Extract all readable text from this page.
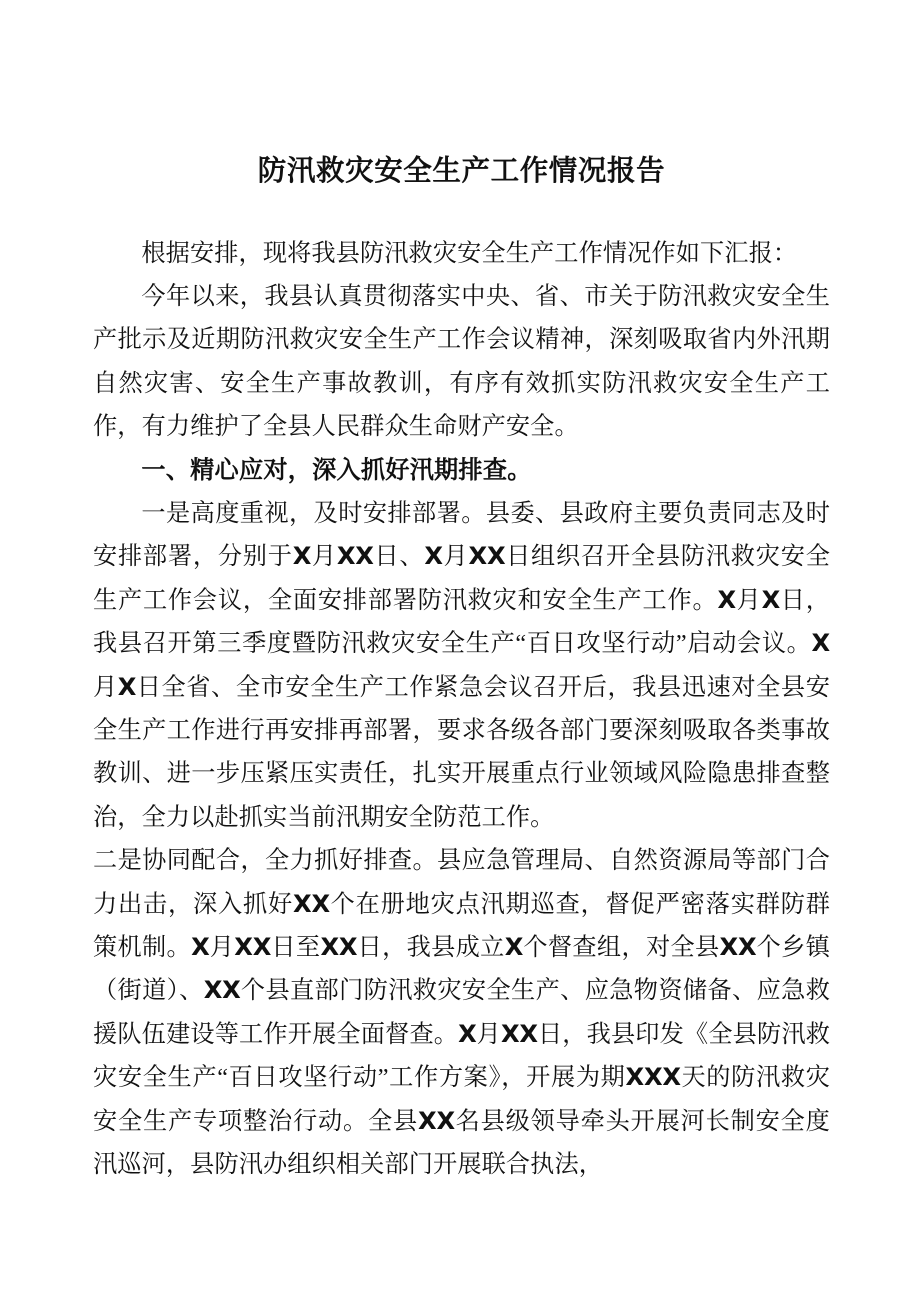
防汛救灾安全生产工作情况报告

根据安排，现将我县防汛救灾安全生产工作情况作如下汇报：

今年以来，我县认真贯彻落实中央、省、市关于防汛救灾安全生产批示及近期防汛救灾安全生产工作会议精神，深刻吸取省内外汛期自然灾害、安全生产事故教训，有序有效抓实防汛救灾安全生产工作，有力维护了全县人民群众生命财产安全。

一、精心应对，深入抓好汛期排查。

一是高度重视，及时安排部署。县委、县政府主要负责同志及时安排部署，分别于X月XX日、X月XX日组织召开全县防汛救灾安全生产工作会议，全面安排部署防汛救灾和安全生产工作。X月X日，我县召开第三季度暨防汛救灾安全生产“百日攻坚行动”启动会议。X月X日全省、全市安全生产工作紧急会议召开后，我县迅速对全县安全生产工作进行再安排再部署，要求各级各部门要深刻吸取各类事故教训、进一步压紧压实责任，扎实开展重点行业领域风险隐患排查整治，全力以赴抓实当前汛期安全防范工作。

二是协同配合，全力抓好排查。县应急管理局、自然资源局等部门合力出击，深入抓好XX个在册地灾点汛期巡查，督促严密落实群防群策机制。X月XX日至XX日，我县成立X个督查组，对全县XX个乡镇（街道）、XX个县直部门防汛救灾安全生产、应急物资储备、应急救援队伍建设等工作开展全面督查。X月XX日，我县印发《全县防汛救灾安全生产“百日攻坚行动”工作方案》，开展为期XXX天的防汛救灾安全生产专项整治行动。全县XX名县级领导牵头开展河长制安全度汛巡河，县防汛办组织相关部门开展联合执法，
